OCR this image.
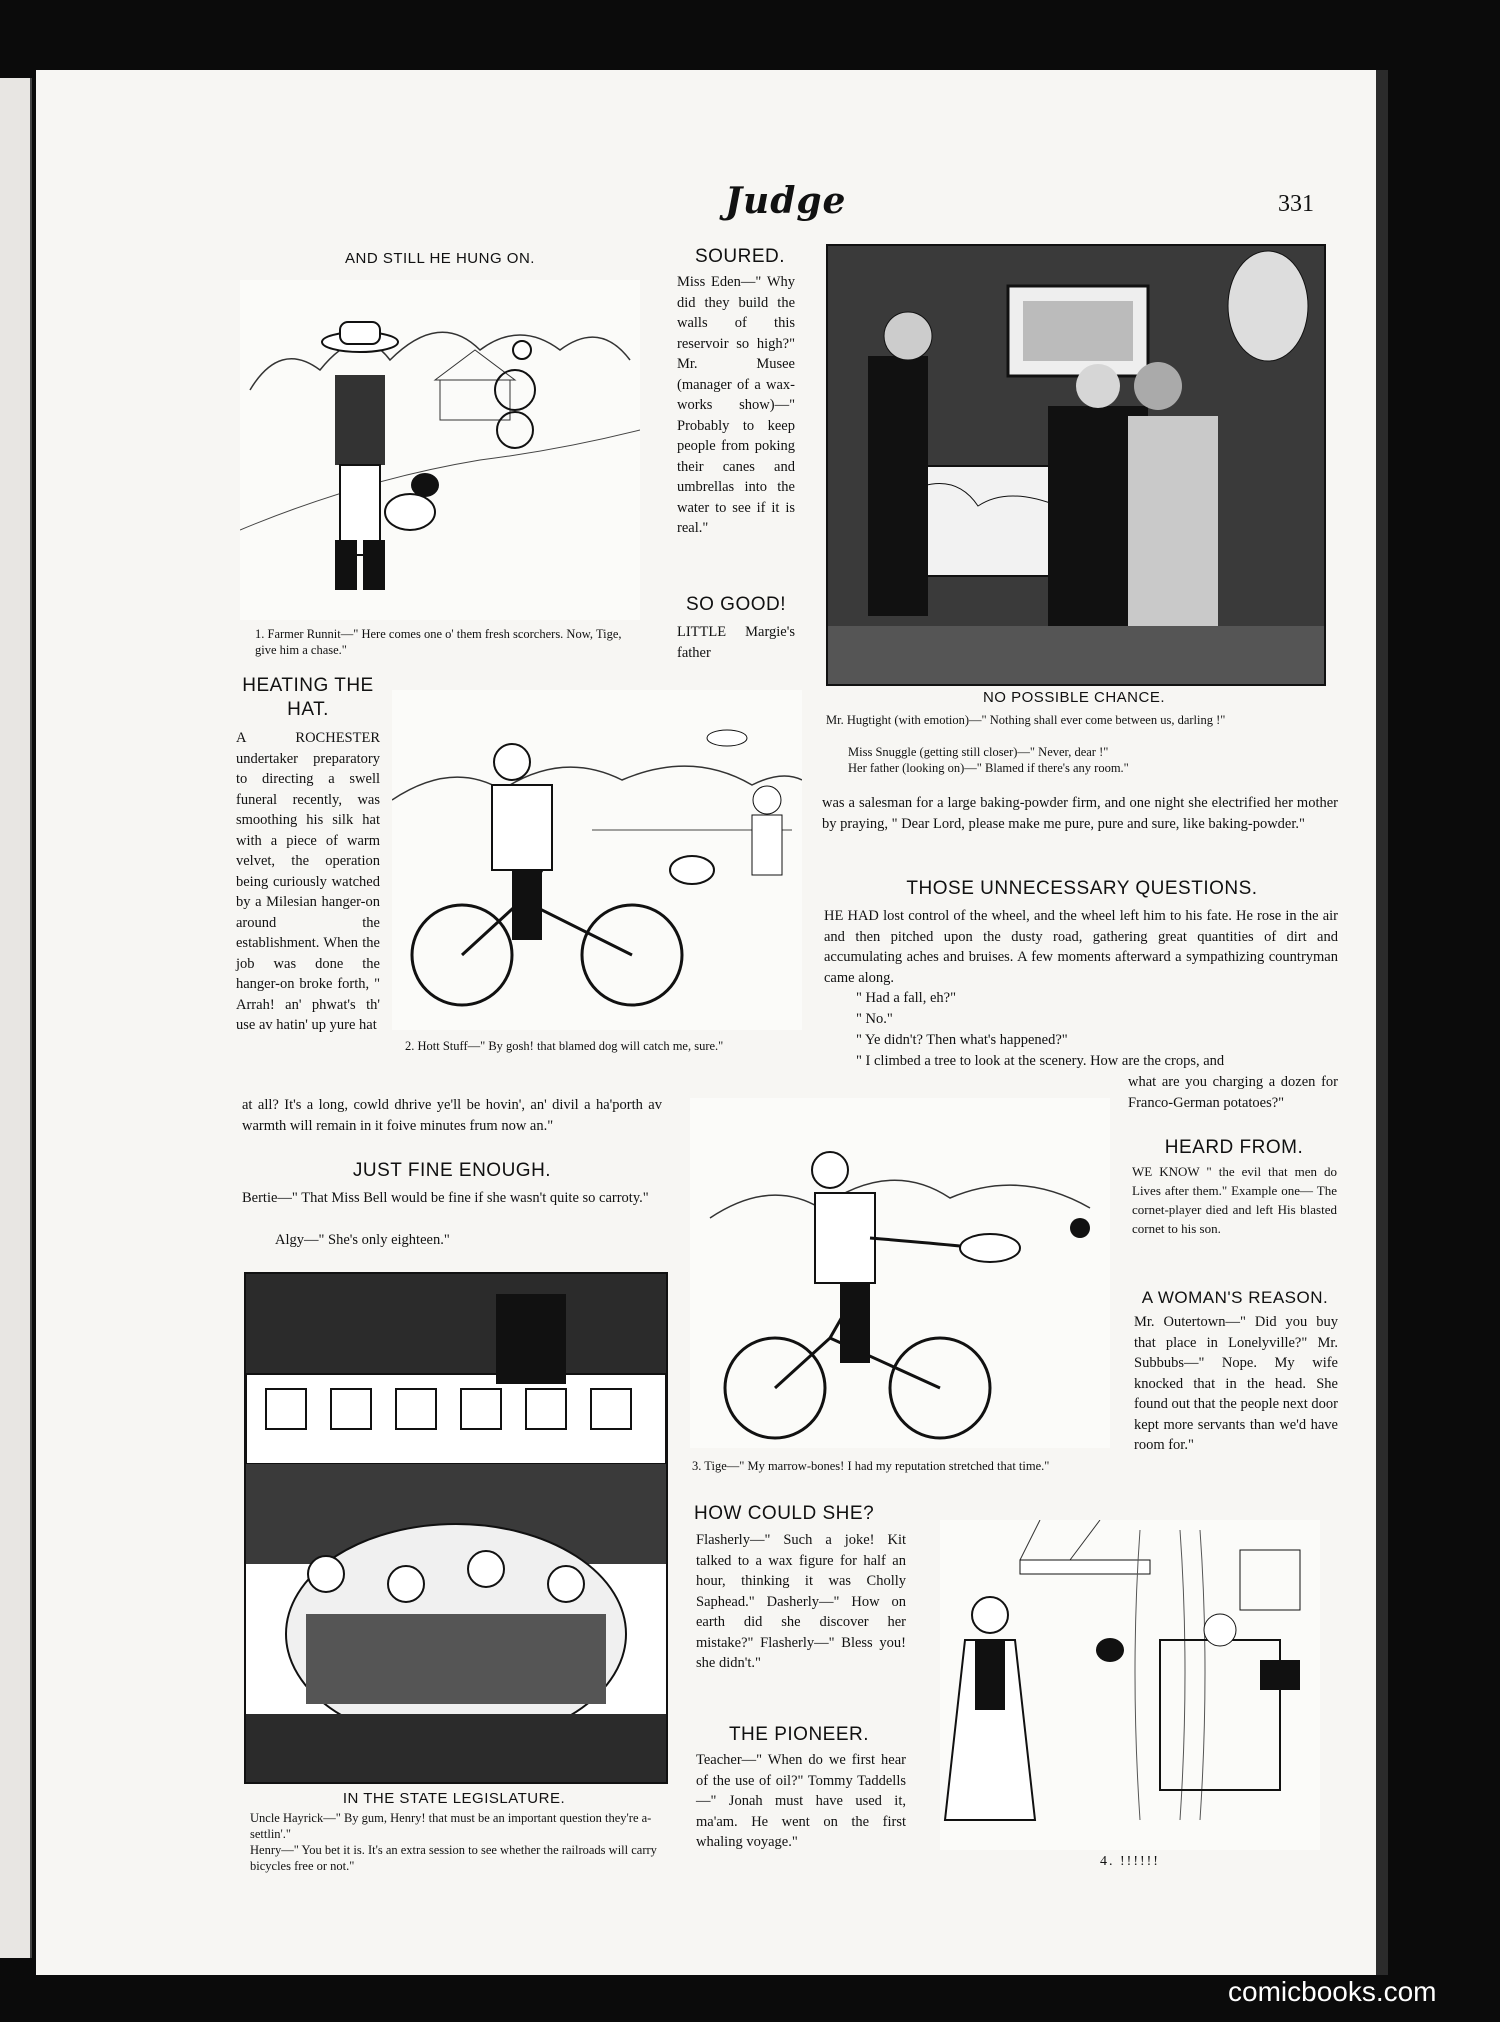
Judge	331
AND STILL HE HUNG ON.
1. Farmer Runnit—" Here comes one o' them fresh scorchers. Now, Tige, give him a chase."
SOURED.
Miss Eden—" Why did they build the walls of this reservoir so high?" Mr. Musee (manager of a wax-works show)—" Probably to keep people from poking their canes and umbrellas into the water to see if it is real."
SO GOOD!
LITTLE Margie's father
NO POSSIBLE CHANCE.
Mr. Hugtight (with emotion)—" Nothing shall ever come between us, darling !"
Miss Snuggle (getting still closer)—" Never, dear !"
Her father (looking on)—" Blamed if there's any room."
was a salesman for a large baking-powder firm, and one night she electrified her mother by praying, " Dear Lord, please make me pure, pure and sure, like baking-powder."
HEATING THE HAT.
A ROCHESTER undertaker preparatory to directing a swell funeral recently, was smoothing his silk hat with a piece of warm velvet, the operation being curiously watched by a Milesian hanger-on around the establishment. When the job was done the hanger-on broke forth, " Arrah! an' phwat's th' use av hatin' up yure hat
at all? It's a long, cowld dhrive ye'll be hovin', an' divil a ha'porth av warmth will remain in it foive minutes frum now an."
2. Hott Stuff—" By gosh! that blamed dog will catch me, sure."
THOSE UNNECESSARY QUESTIONS.
HE HAD lost control of the wheel, and the wheel left him to his fate. He rose in the air and then pitched upon the dusty road, gathering great quantities of dirt and accumulating aches and bruises. A few moments afterward a sympathizing countryman came along.
" Had a fall, eh?"
" No."
" Ye didn't? Then what's happened?"
" I climbed a tree to look at the scenery. How are the crops, and
what are you charging a dozen for Franco-German potatoes?"
JUST FINE ENOUGH.
Bertie—" That Miss Bell would be fine if she wasn't quite so carroty."
Algy—" She's only eighteen."
3. Tige—" My marrow-bones! I had my reputation stretched that time."
HEARD FROM.
WE KNOW " the evil that men do Lives after them." Example one— The cornet-player died and left His blasted cornet to his son.
A WOMAN'S REASON.
Mr. Outertown—" Did you buy that place in Lonelyville?" Mr. Subbubs—" Nope. My wife knocked that in the head. She found out that the people next door kept more servants than we'd have room for."
IN THE STATE LEGISLATURE.
Uncle Hayrick—" By gum, Henry! that must be an important question they're a-settlin'."
Henry—" You bet it is. It's an extra session to see whether the railroads will carry bicycles free or not."
HOW COULD SHE?
Flasherly—" Such a joke! Kit talked to a wax figure for half an hour, thinking it was Cholly Saphead." Dasherly—" How on earth did she discover her mistake?" Flasherly—" Bless you! she didn't."
THE PIONEER.
Teacher—" When do we first hear of the use of oil?" Tommy Taddells—" Jonah must have used it, ma'am. He went on the first whaling voyage."
4. !!!!!!
comicbooks.com
